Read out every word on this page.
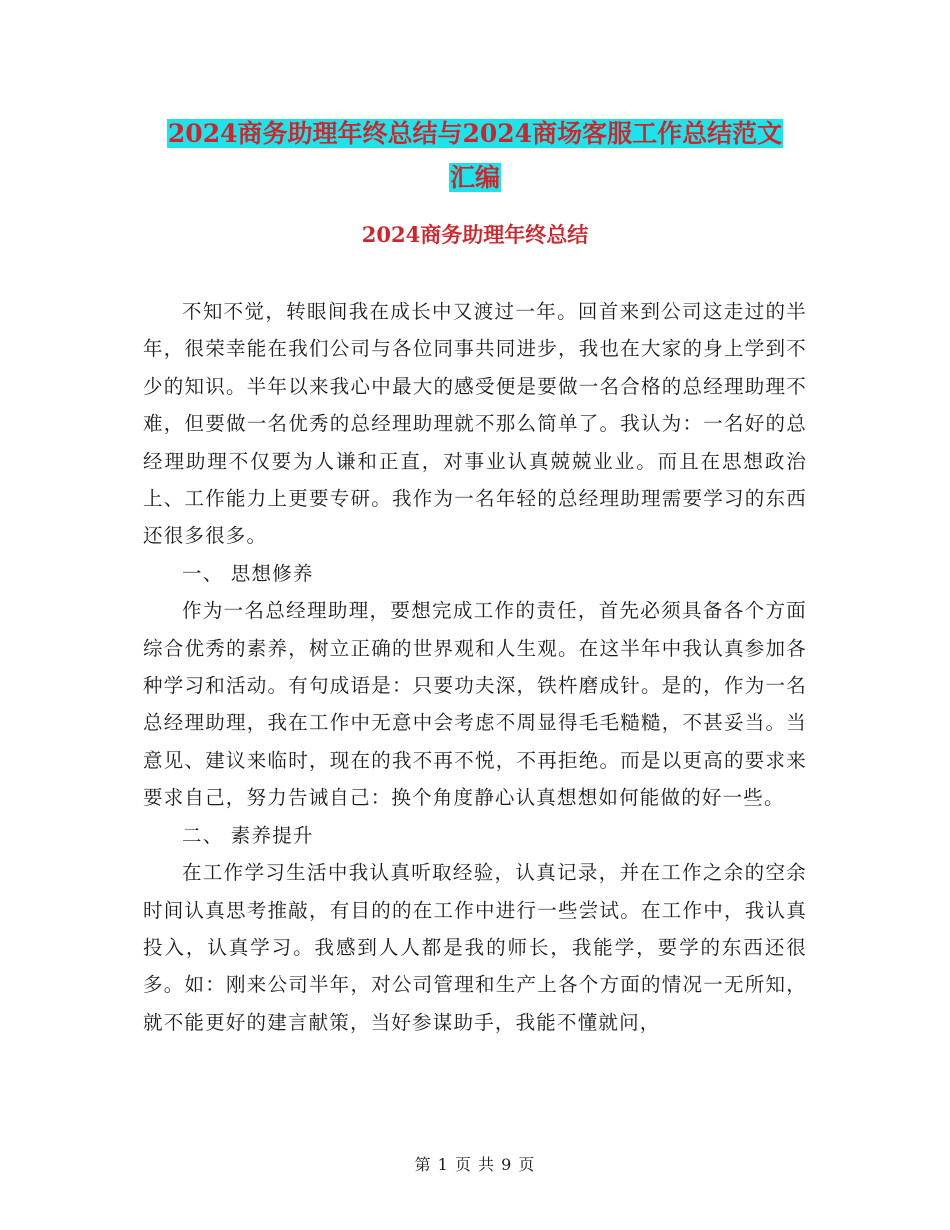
2024商务助理年终总结与2024商场客服工作总结范文
汇编
2024商务助理年终总结

不知不觉，转眼间我在成长中又渡过一年。回首来到公司这走过的半年，很荣幸能在我们公司与各位同事共同进步，我也在大家的身上学到不少的知识。半年以来我心中最大的感受便是要做一名合格的总经理助理不难，但要做一名优秀的总经理助理就不那么简单了。我认为：一名好的总经理助理不仅要为人谦和正直，对事业认真兢兢业业。而且在思想政治上、工作能力上更要专研。我作为一名年轻的总经理助理需要学习的东西还很多很多。

一、 思想修养

作为一名总经理助理，要想完成工作的责任，首先必须具备各个方面综合优秀的素养，树立正确的世界观和人生观。在这半年中我认真参加各种学习和活动。有句成语是：只要功夫深，铁杵磨成针。是的，作为一名总经理助理，我在工作中无意中会考虑不周显得毛毛糙糙，不甚妥当。当意见、建议来临时，现在的我不再不悦，不再拒绝。而是以更高的要求来要求自己，努力告诫自己：换个角度静心认真想想如何能做的好一些。

二、 素养提升

在工作学习生活中我认真听取经验，认真记录，并在工作之余的空余时间认真思考推敲，有目的的在工作中进行一些尝试。在工作中，我认真投入，认真学习。我感到人人都是我的师长，我能学，要学的东西还很多。如：刚来公司半年，对公司管理和生产上各个方面的情况一无所知，就不能更好的建言献策，当好参谋助手，我能不懂就问，

第 1 页 共 9 页
